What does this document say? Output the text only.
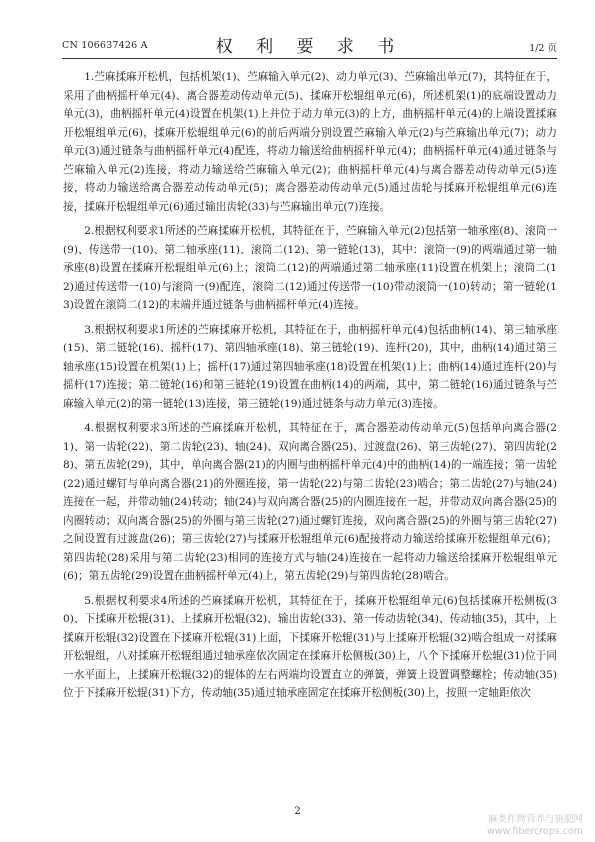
CN 106637426 A	权 利 要 求 书	1/2 页

1.苎麻揉麻开松机，包括机架(1)、苎麻输入单元(2)、动力单元(3)、苎麻输出单元(7)，其特征在于，采用了曲柄摇杆单元(4)、离合器差动传动单元(5)、揉麻开松辊组单元(6)，所述机架(1)的底端设置动力单元(3)，曲柄摇杆单元(4)设置在机架(1)上并位于动力单元(3)的上方，曲柄摇杆单元(4)的上端设置揉麻开松辊组单元(6)，揉麻开松辊组单元(6)的前后两端分别设置苎麻输入单元(2)与苎麻输出单元(7)；动力单元(3)通过链条与曲柄摇杆单元(4)配连，将动力输送给曲柄摇杆单元(4)；曲柄摇杆单元(4)通过链条与苎麻输入单元(2)连接，将动力输送给苎麻输入单元(2)；曲柄摇杆单元(4)与离合器差动传动单元(5)连接，将动力输送给离合器差动传动单元(5)；离合器差动传动单元(5)通过齿轮与揉麻开松辊组单元(6)连接，揉麻开松辊组单元(6)通过输出齿轮(33)与苎麻输出单元(7)连接。

2.根据权利要求1所述的苎麻揉麻开松机，其特征在于，苎麻输入单元(2)包括第一轴承座(8)、滚筒一(9)、传送带一(10)、第二轴承座(11)、滚筒二(12)、第一链轮(13)，其中：滚筒一(9)的两端通过第一轴承座(8)设置在揉麻开松辊组单元(6)上；滚筒二(12)的两端通过第二轴承座(11)设置在机架上；滚筒二(12)通过传送带一(10)与滚筒一(9)配连，滚筒二(12)通过传送带一(10)带动滚筒一(10)转动；第一链轮(13)设置在滚筒二(12)的末端并通过链条与曲柄摇杆单元(4)连接。

3.根据权利要求1所述的苎麻揉麻开松机，其特征在于，曲柄摇杆单元(4)包括曲柄(14)、第三轴承座(15)、第二链轮(16)、摇杆(17)、第四轴承座(18)、第三链轮(19)、连杆(20)，其中，曲柄(14)通过第三轴承座(15)设置在机架(1)上；摇杆(17)通过第四轴承座(18)设置在机架(1)上；曲柄(14)通过连杆(20)与摇杆(17)连接；第二链轮(16)和第三链轮(19)设置在曲柄(14)的两端，其中，第二链轮(16)通过链条与苎麻输入单元(2)的第一链轮(13)连接，第三链轮(19)通过链条与动力单元(3)连接。

4.根据权利要求3所述的苎麻揉麻开松机，其特征在于，离合器差动传动单元(5)包括单向离合器(21)、第一齿轮(22)、第二齿轮(23)、轴(24)、双向离合器(25)、过渡盘(26)、第三齿轮(27)、第四齿轮(28)、第五齿轮(29)，其中，单向离合器(21)的内圈与曲柄摇杆单元(4)中的曲柄(14)的一端连接；第一齿轮(22)通过螺钉与单向离合器(21)的外圈连接，第一齿轮(22)与第二齿轮(23)啮合；第二齿轮(27)与轴(24)连接在一起，并带动轴(24)转动；轴(24)与双向离合器(25)的内圈连接在一起，并带动双向离合器(25)的内圈转动；双向离合器(25)的外圈与第三齿轮(27)通过螺钉连接，双向离合器(25)的外圈与第三齿轮(27)之间设置有过渡盘(26)；第三齿轮(27)与揉麻开松辊组单元(6)配接将动力输送给揉麻开松辊组单元(6)；第四齿轮(28)采用与第二齿轮(23)相同的连接方式与轴(24)连接在一起将动力输送给揉麻开松辊组单元(6)；第五齿轮(29)设置在曲柄摇杆单元(4)上，第五齿轮(29)与第四齿轮(28)啮合。

5.根据权利要求4所述的苎麻揉麻开松机，其特征在于，揉麻开松辊组单元(6)包括揉麻开松侧板(30)、下揉麻开松辊(31)、上揉麻开松辊(32)、输出齿轮(33)、第一传动齿轮(34)、传动轴(35)，其中，上揉麻开松辊(32)设置在下揉麻开松辊(31)上面，下揉麻开松辊(31)与上揉麻开松辊(32)啮合组成一对揉麻开松辊组，八对揉麻开松辊组通过轴承座依次固定在揉麻开松侧板(30)上，八个下揉麻开松辊(31)位于同一水平面上，上揉麻开松辊(32)的辊体的左右两端均设置直立的弹簧，弹簧上设置调整螺栓；传动轴(35)位于下揉麻开松辊(31)下方，传动轴(35)通过轴承座固定在揉麻开松侧板(30)上，按照一定轴距依次

2
麻类作物营养与施肥网
www.fibercrops.com
